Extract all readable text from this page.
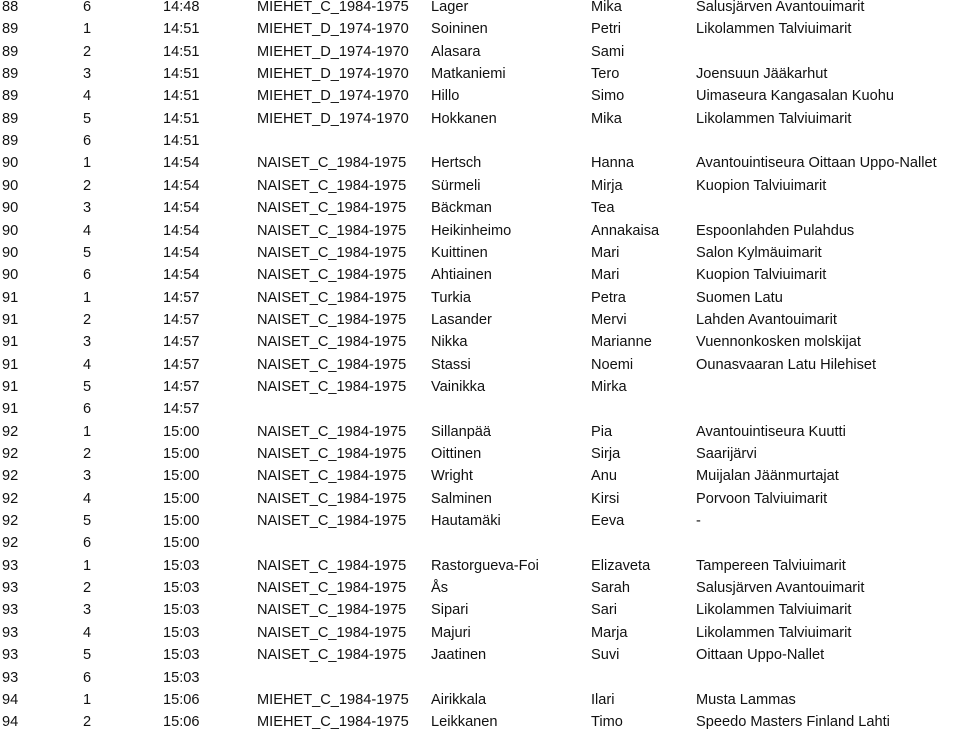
88	6	14:48	MIEHET_C_1984-1975 Lager	Mika	Salusjärven Avantouimarit
89	1	14:51	MIEHET_D_1974-1970 Soininen	Petri	Likolammen Talviuimarit
89	2	14:51	MIEHET_D_1974-1970 Alasara	Sami
89	3	14:51	MIEHET_D_1974-1970 Matkaniemi	Tero	Joensuun Jääkarhut
89	4	14:51	MIEHET_D_1974-1970 Hillo	Simo	Uimaseura Kangasalan Kuohu
89	5	14:51	MIEHET_D_1974-1970 Hokkanen	Mika	Likolammen Talviuimarit
89	6	14:51
90	1	14:54	NAISET_C_1984-1975 Hertsch	Hanna	Avantouintiseura Oittaan Uppo-Nallet
90	2	14:54	NAISET_C_1984-1975 Sürmeli	Mirja	Kuopion Talviuimarit
90	3	14:54	NAISET_C_1984-1975 Bäckman	Tea
90	4	14:54	NAISET_C_1984-1975 Heikinheimo	Annakaisa	Espoonlahden Pulahdus
90	5	14:54	NAISET_C_1984-1975 Kuittinen	Mari	Salon Kylmäuimarit
90	6	14:54	NAISET_C_1984-1975 Ahtiainen	Mari	Kuopion Talviuimarit
91	1	14:57	NAISET_C_1984-1975 Turkia	Petra	Suomen Latu
91	2	14:57	NAISET_C_1984-1975 Lasander	Mervi	Lahden Avantouimarit
91	3	14:57	NAISET_C_1984-1975 Nikka	Marianne	Vuennonkosken molskijat
91	4	14:57	NAISET_C_1984-1975 Stassi	Noemi	Ounasvaaran Latu Hilehiset
91	5	14:57	NAISET_C_1984-1975 Vainikka	Mirka
91	6	14:57
92	1	15:00	NAISET_C_1984-1975 Sillanpää	Pia	Avantouintiseura Kuutti
92	2	15:00	NAISET_C_1984-1975 Oittinen	Sirja	Saarijärvi
92	3	15:00	NAISET_C_1984-1975 Wright	Anu	Muijalan Jäänmurtajat
92	4	15:00	NAISET_C_1984-1975 Salminen	Kirsi	Porvoon Talviuimarit
92	5	15:00	NAISET_C_1984-1975 Hautamäki	Eeva	-
92	6	15:00
93	1	15:03	NAISET_C_1984-1975 Rastorgueva-Foi	Elizaveta	Tampereen Talviuimarit
93	2	15:03	NAISET_C_1984-1975 Ås	Sarah	Salusjärven Avantouimarit
93	3	15:03	NAISET_C_1984-1975 Sipari	Sari	Likolammen Talviuimarit
93	4	15:03	NAISET_C_1984-1975 Majuri	Marja	Likolammen Talviuimarit
93	5	15:03	NAISET_C_1984-1975 Jaatinen	Suvi	Oittaan Uppo-Nallet
93	6	15:03
94	1	15:06	MIEHET_C_1984-1975 Airikkala	Ilari	Musta Lammas
94	2	15:06	MIEHET_C_1984-1975 Leikkanen	Timo	Speedo Masters Finland Lahti
